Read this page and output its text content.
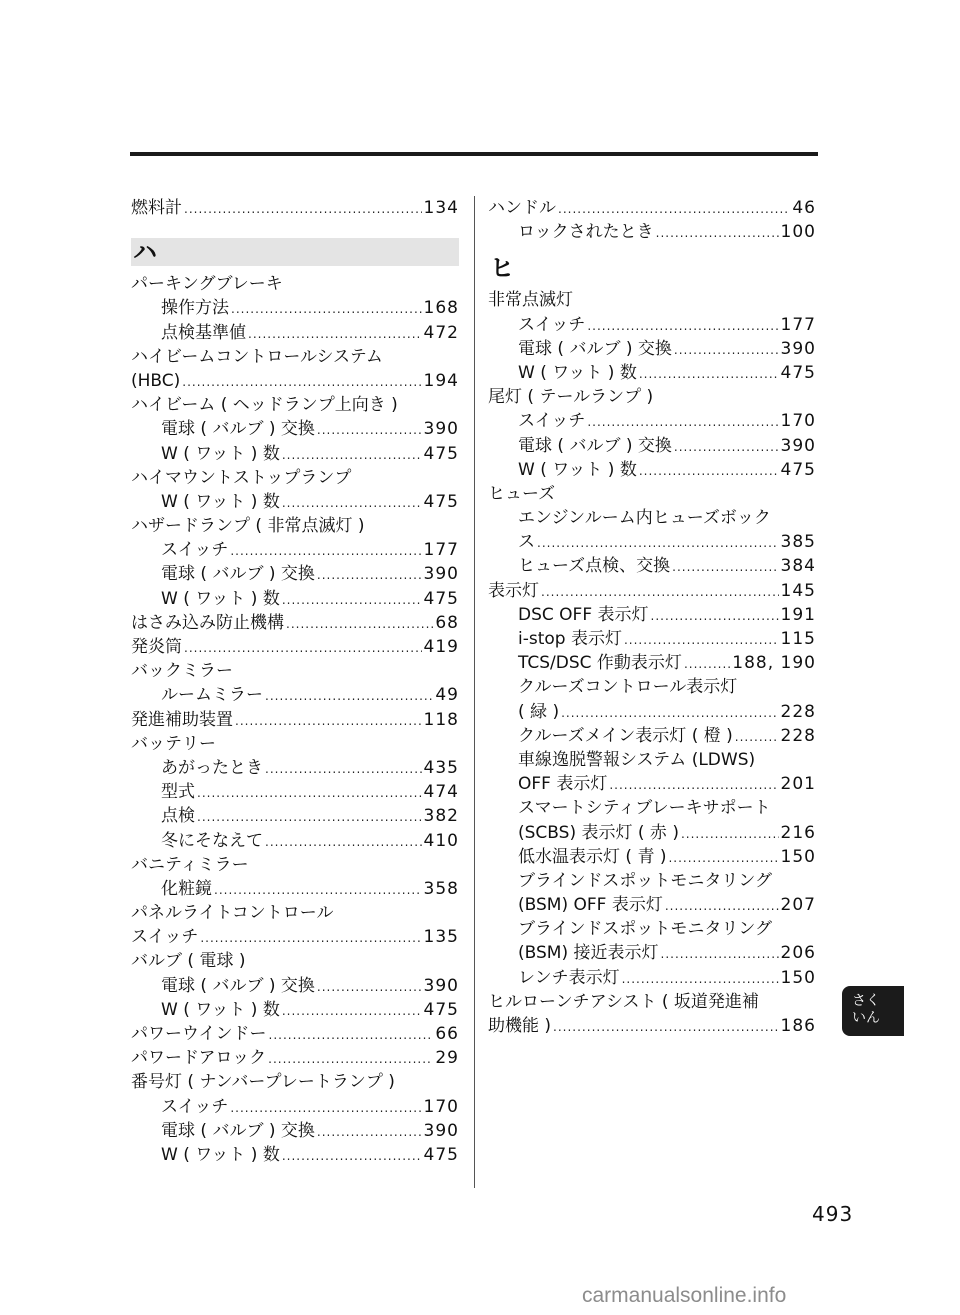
燃料計 .....	134
ハ
パーキングブレーキ
操作方法 .....	168
点検基準値 .....	472
ハイビームコントロールシステム
(HBC) .....	194
ハイビーム ( ヘッドランプ上向き )
電球 ( バルブ ) 交換 .....	390
W ( ワット ) 数 .....	475
ハイマウントストップランプ
W ( ワット ) 数 .....	475
ハザードランプ ( 非常点滅灯 )
スイッチ .....	177
電球 ( バルブ ) 交換 .....	390
W ( ワット ) 数 .....	475
はさみ込み防止機構 .....	68
発炎筒 .....	419
バックミラー
ルームミラー .....	49
発進補助装置 .....	118
バッテリー
あがったとき .....	435
型式 .....	474
点検 .....	382
冬にそなえて .....	410
バニティミラー
化粧鏡 .....	358
パネルライトコントロール
スイッチ .....	135
バルブ ( 電球 )
電球 ( バルブ ) 交換 .....	390
W ( ワット ) 数 .....	475
パワーウインドー .....	66
パワードアロック .....	29
番号灯 ( ナンバープレートランプ )
スイッチ .....	170
電球 ( バルブ ) 交換 .....	390
W ( ワット ) 数 .....	475
ハンドル .....	46
ロックされたとき .....	100
ヒ
非常点滅灯
スイッチ .....	177
電球 ( バルブ ) 交換 .....	390
W ( ワット ) 数 .....	475
尾灯 ( テールランプ )
スイッチ .....	170
電球 ( バルブ ) 交換 .....	390
W ( ワット ) 数 .....	475
ヒューズ
エンジンルーム内ヒューズボック
ス .....	385
ヒューズ点検、交換 .....	384
表示灯 .....	145
DSC OFF 表示灯 .....	191
i-stop 表示灯 .....	115
TCS/DSC 作動表示灯 .....	188, 190
クルーズコントロール表示灯
( 緑 ) .....	228
クルーズメイン表示灯 ( 橙 ) .....	228
車線逸脱警報システム (LDWS)
OFF 表示灯 .....	201
スマートシティブレーキサポート
(SCBS) 表示灯 ( 赤 ) .....	216
低水温表示灯 ( 青 ) .....	150
ブラインドスポットモニタリング
(BSM) OFF 表示灯 .....	207
ブラインドスポットモニタリング
(BSM) 接近表示灯 .....	206
レンチ表示灯 .....	150
ヒルローンチアシスト ( 坂道発進補
助機能 ) .....	186
さく
いん
493
carmanualsonline.info
